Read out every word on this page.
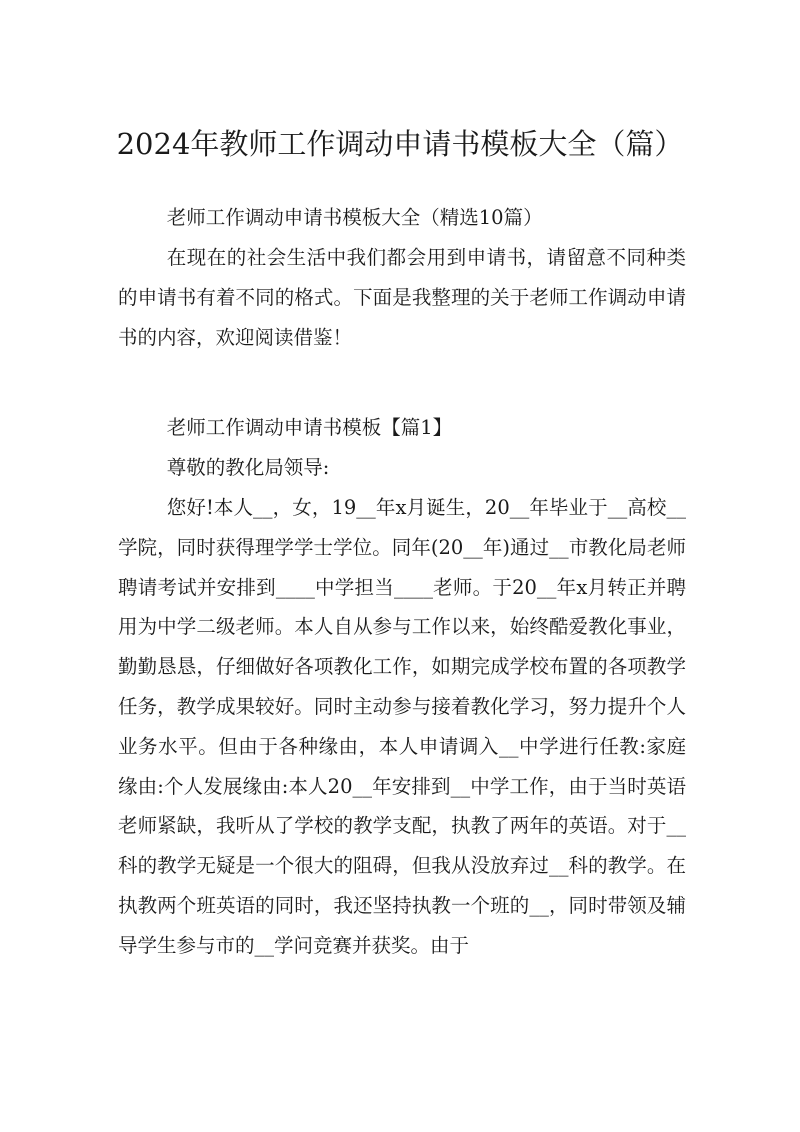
2024年教师工作调动申请书模板大全（篇）

老师工作调动申请书模板大全（精选10篇）

在现在的社会生活中我们都会用到申请书，请留意不同种类的申请书有着不同的格式。下面是我整理的关于老师工作调动申请书的内容，欢迎阅读借鉴！

老师工作调动申请书模板【篇1】

尊敬的教化局领导:

您好!本人__，女，19__年x月诞生，20__年毕业于__高校__学院，同时获得理学学士学位。同年(20__年)通过__市教化局老师聘请考试并安排到____中学担当____老师。于20__年x月转正并聘用为中学二级老师。本人自从参与工作以来，始终酷爱教化事业，勤勤恳恳，仔细做好各项教化工作，如期完成学校布置的各项教学任务，教学成果较好。同时主动参与接着教化学习，努力提升个人业务水平。但由于各种缘由，本人申请调入__中学进行任教:家庭缘由:个人发展缘由:本人20__年安排到__中学工作，由于当时英语老师紧缺，我听从了学校的教学支配，执教了两年的英语。对于__科的教学无疑是一个很大的阻碍，但我从没放弃过__科的教学。在执教两个班英语的同时，我还坚持执教一个班的__，同时带领及辅导学生参与市的__学问竞赛并获奖。由于
